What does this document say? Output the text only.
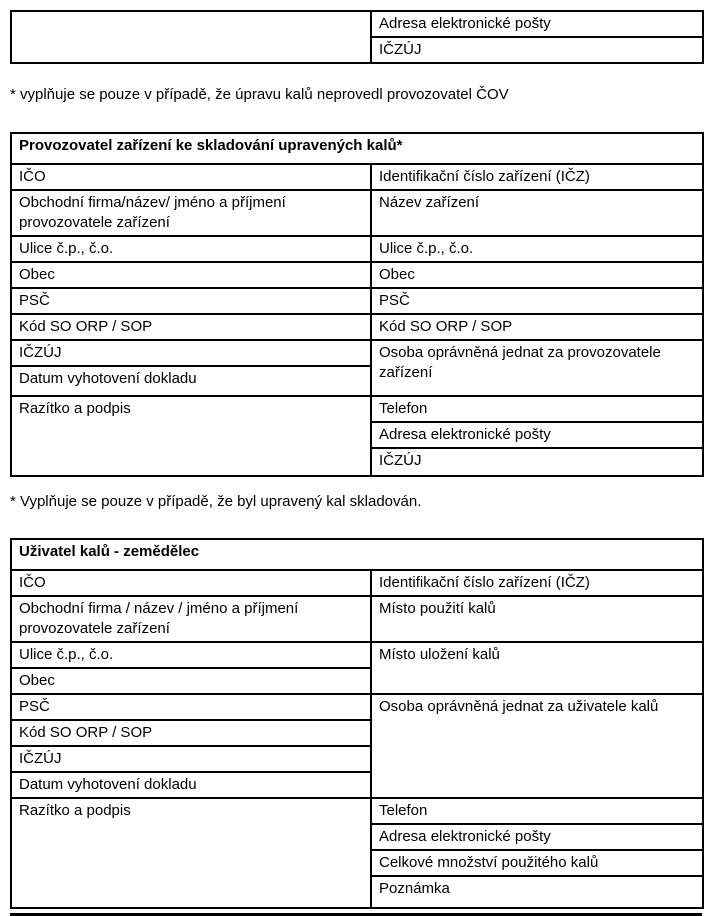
	Adresa elektronické pošty
IČZÚJ

* vyplňuje se pouze v případě, že úpravu kalů neprovedl provozovatel ČOV

Provozovatel zařízení ke skladování upravených kalů*	
IČO	Identifikační číslo zařízení (IČZ)
Obchodní firma/název/ jméno a příjmení provozovatele zařízení	Název zařízení
Ulice č.p., č.o.	Ulice č.p., č.o.
Obec	Obec
PSČ	PSČ
Kód SO ORP / SOP	Kód SO ORP / SOP
IČZÚJ	Osoba oprávněná jednat za provozovatele zařízení
Datum vyhotovení dokladu	
Razítko a podpis	Telefon
	Adresa elektronické pošty
	IČZÚJ

* Vyplňuje se pouze v případě, že byl upravený kal skladován.

Uživatel kalů - zemědělec	
IČO	Identifikační číslo zařízení (IČZ)
Obchodní firma / název / jméno a příjmení provozovatele zařízení	Místo použití kalů
Ulice č.p., č.o.	Místo uložení kalů
Obec	
PSČ	Osoba oprávněná jednat za uživatele kalů
Kód SO ORP / SOP	
IČZÚJ	
Datum vyhotovení dokladu	
Razítko a podpis	Telefon
	Adresa elektronické pošty
	Celkové množství použitého kalů
	Poznámka
